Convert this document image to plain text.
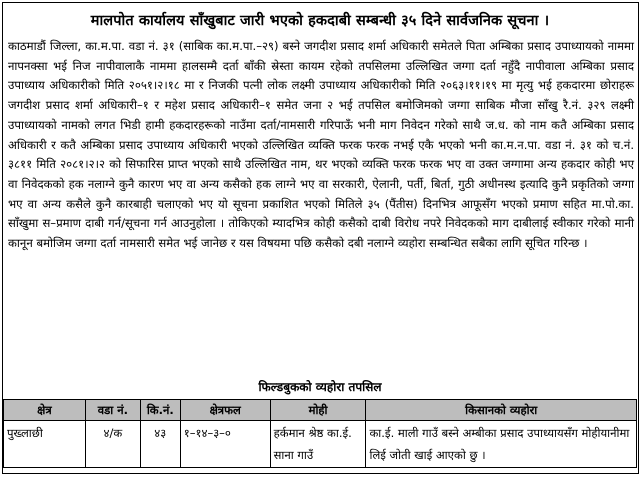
मालपोत कार्यालय साँखुबाट जारी भएको हकदाबी सम्बन्धी ३५ दिने सार्वजनिक सूचना ।

काठमाडौं जिल्ला, का.म.पा. वडा नं. ३१ (साबिक का.म.पा.–२९) बस्ने जगदीश प्रसाद शर्मा अधिकारी समेतले पिता अम्बिका प्रसाद उपाध्यायको नाममा नापनक्सा भई निज नापीवालाकै नाममा हालसम्मै दर्ता बाँकी स्रेस्ता कायम रहेको तपसिलमा उल्लिखित जग्गा दर्ता नहुँदै नापीवाला अम्बिका प्रसाद उपाध्याय अधिकारीको मिति २०५१।२।१८ मा र निजकी पत्नी लोक लक्ष्मी उपाध्याय अधिकारीको मिति २०६३।११।१९ मा मृत्यु भई हकदारमा छोराहरू जगदीश प्रसाद शर्मा अधिकारी–१ र महेश प्रसाद अधिकारी–१ समेत जना २ भई तपसिल बमोजिमको जग्गा साबिक मौजा साँखु रै.नं. ३२९ लक्ष्मी उपाध्यायको नामको लगत भिडी हामी हकदारहरूको नाउँमा दर्ता/नामसारी गरिपाऊँ भनी माग निवेदन गरेको साथै ज.ध. को नाम कतै अम्बिका प्रसाद अधिकारी र कतै अम्बिका प्रसाद उपाध्याय अधिकारी भएको उल्लिखित व्यक्ति फरक फरक नभई एकै भएको भनी का.म.न.पा. वडा नं. ३१ को च.नं. ३८११ मिति २०८१।२।२ को सिफारिस प्राप्त भएको साथै उल्लिखित नाम, थर भएको व्यक्ति फरक फरक भए वा उक्त जग्गामा अन्य हकदार कोही भए वा निवेदकको हक नलाग्ने कुनै कारण भए वा अन्य कसैको हक लाग्ने भए वा सरकारी, ऐलानी, पर्ती, बिर्ता, गुठी अधीनस्थ इत्यादि कुनै प्रकृतिको जग्गा भए वा अन्य कसैले कुनै कारबाही चलाएको भए यो सूचना प्रकाशित भएको मितिले ३५ (पैंतीस) दिनभित्र आफूसँग भएको प्रमाण सहित मा.पो.का. साँखुमा स–प्रमाण दाबी गर्न/सूचना गर्न आउनुहोला । तोकिएको म्यादभित्र कोही कसैको दाबी विरोध नपरे निवेदकको माग दाबीलाई स्वीकार गरेको मानी कानून बमोजिम जग्गा दर्ता नामसारी समेत भई जानेछ र यस विषयमा पछि कसैको दबी नलाग्ने व्यहोरा सम्बन्धित सबैका लागि सूचित गरिन्छ ।

फिल्डबुकको व्यहोरा तपसिल
क्षेत्र	वडा नं.	कि.नं.	क्षेत्रफल	मोही	किसानको व्यहोरा
पुख्लाछी	४/क	४३	१–१४–३–०	हर्कमान श्रेष्ठ का.ई. साना गाउँ	का.ई. माली गाउँ बस्ने अम्बीका प्रसाद उपाध्यायसँग मोहीयानीमा लिई जोती खाई आएको छु ।
